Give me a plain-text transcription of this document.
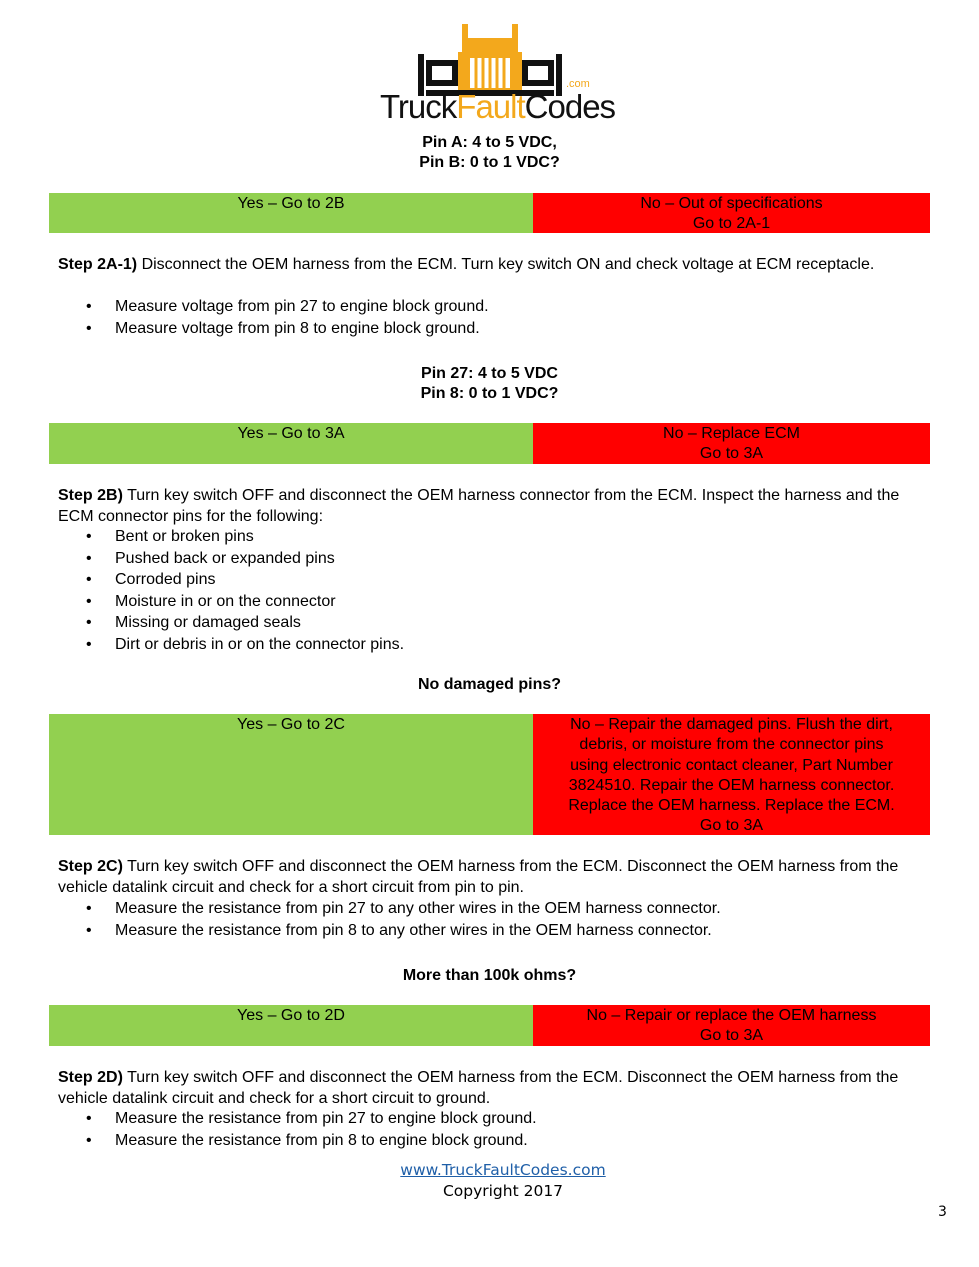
TruckFaultCodes
.com
Pin A: 4 to 5 VDC,
Pin B: 0 to 1 VDC?
Yes – Go to 2B	No – Out of specifications
Go to 2A-1
Step 2A-1) Disconnect the OEM harness from the ECM. Turn key switch ON and check voltage at ECM receptacle.
• Measure voltage from pin 27 to engine block ground.
• Measure voltage from pin 8 to engine block ground.
Pin 27: 4 to 5 VDC
Pin 8: 0 to 1 VDC?
Yes – Go to 3A	No – Replace ECM
Go to 3A
Step 2B) Turn key switch OFF and disconnect the OEM harness connector from the ECM. Inspect the harness and the ECM connector pins for the following:
• Bent or broken pins
• Pushed back or expanded pins
• Corroded pins
• Moisture in or on the connector
• Missing or damaged seals
• Dirt or debris in or on the connector pins.
No damaged pins?
Yes – Go to 2C	No – Repair the damaged pins. Flush the dirt,
debris, or moisture from the connector pins
using electronic contact cleaner, Part Number
3824510. Repair the OEM harness connector.
Replace the OEM harness. Replace the ECM.
Go to 3A
Step 2C) Turn key switch OFF and disconnect the OEM harness from the ECM. Disconnect the OEM harness from the vehicle datalink circuit and check for a short circuit from pin to pin.
• Measure the resistance from pin 27 to any other wires in the OEM harness connector.
• Measure the resistance from pin 8 to any other wires in the OEM harness connector.
More than 100k ohms?
Yes – Go to 2D	No – Repair or replace the OEM harness
Go to 3A
Step 2D) Turn key switch OFF and disconnect the OEM harness from the ECM. Disconnect the OEM harness from the vehicle datalink circuit and check for a short circuit to ground.
• Measure the resistance from pin 27 to engine block ground.
• Measure the resistance from pin 8 to engine block ground.
www.TruckFaultCodes.com
Copyright 2017
3
